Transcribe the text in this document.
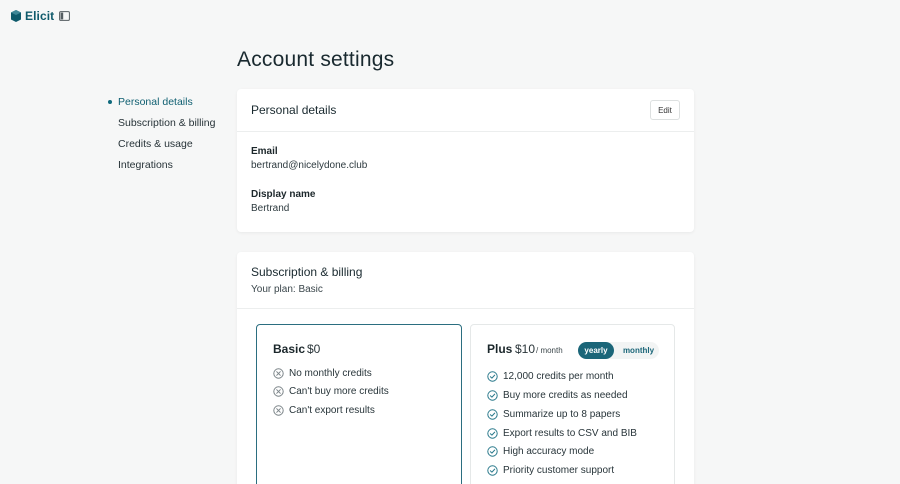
Elicit
Account settings
Personal details
Subscription & billing
Credits & usage
Integrations
Personal details	Edit
Email
bertrand@nicelydone.club
Display name
Bertrand
Subscription & billing
Your plan: Basic
Basic $0
No monthly credits
Can't buy more credits
Can't export results
Plus $10 / month	yearly	monthly
12,000 credits per month
Buy more credits as needed
Summarize up to 8 papers
Export results to CSV and BIB
High accuracy mode
Priority customer support
